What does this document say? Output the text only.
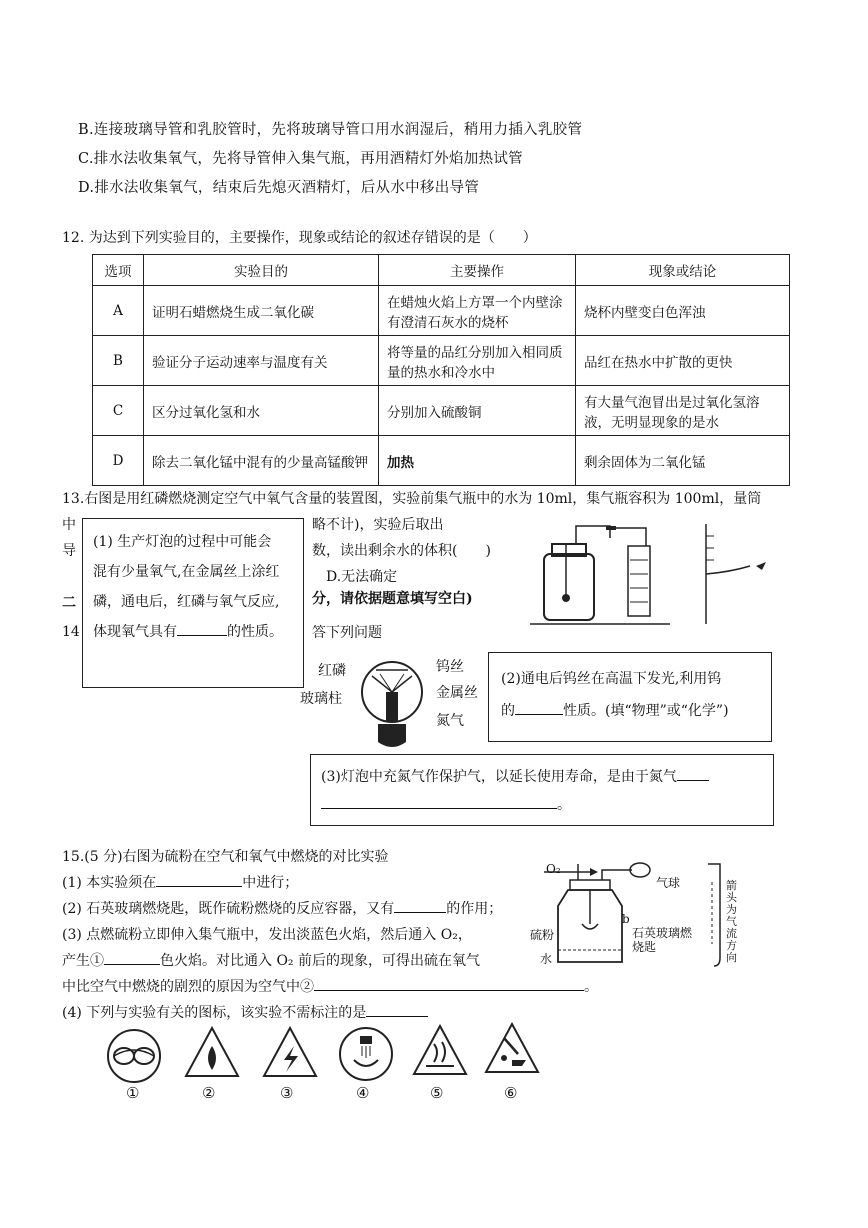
B.连接玻璃导管和乳胶管时，先将玻璃导管口用水润湿后，稍用力插入乳胶管
C.排水法收集氧气，先将导管伸入集气瓶，再用酒精灯外焰加热试管
D.排水法收集氧气，结束后先熄灭酒精灯，后从水中移出导管
12. 为达到下列实验目的，主要操作，现象或结论的叙述存错误的是（　　）
选项	实验目的	主要操作	现象或结论
A	证明石蜡燃烧生成二氧化碳	在蜡烛火焰上方罩一个内壁涂有澄清石灰水的烧杯	烧杯内壁变白色浑浊
B	验证分子运动速率与温度有关	将等量的品红分别加入相同质量的热水和冷水中	品红在热水中扩散的更快
C	区分过氧化氢和水	分别加入硫酸铜	有大量气泡冒出是过氧化氢溶液，无明显现象的是水
D	除去二氧化锰中混有的少量高锰酸钾	加热	剩余固体为二氧化锰
13.右图是用红磷燃烧测定空气中氧气含量的装置图，实验前集气瓶中的水为 10ml，集气瓶容积为 100ml，量筒
中	略不计)，实验后取出
导	数，读出剩余水的体积(　　)
D.无法确定
二	分，请依据题意填写空白)
14	答下列问题
(1) 生产灯泡的过程中可能会
混有少量氧气,在金属丝上涂红
磷，通电后，红磷与氧气反应,
体现氧气具有	的性质。
红磷
玻璃柱
钨丝
金属丝
氮气
(2)通电后钨丝在高温下发光,利用钨
的	性质。(填“物理”或“化学”)
(3)灯泡中充氮气作保护气，以延长使用寿命，是由于氮气
。
15.(5 分)右图为硫粉在空气和氧气中燃烧的对比实验
(1) 本实验须在	中进行；
(2) 石英玻璃燃烧匙，既作硫粉燃烧的反应容器，又有	的作用；
(3) 点燃硫粉立即伸入集气瓶中，发出淡蓝色火焰，然后通入 O₂，
产生①	色火焰。对比通入 O₂ 前后的现象，可得出硫在氧气
中比空气中燃烧的剧烈的原因为空气中②	。
(4) 下列与实验有关的图标，该实验不需标注的是
O₂
气球
硫粉
水
b
石英玻璃燃烧匙
箭头为气流方向
①	②	③	④	⑤	⑥
